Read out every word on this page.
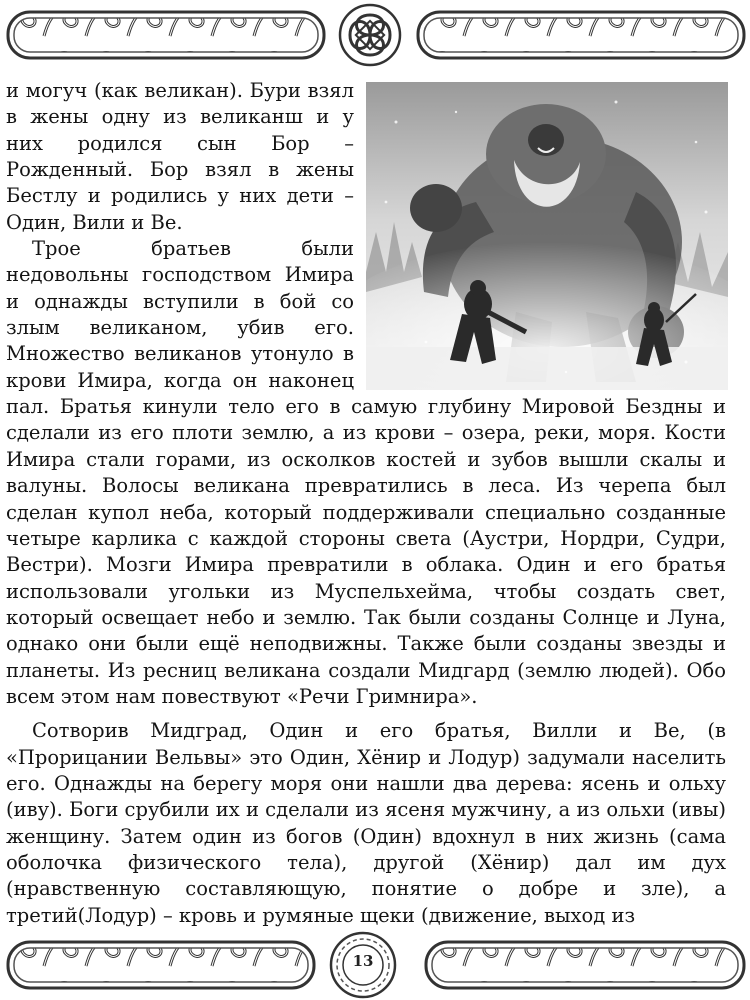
и могуч (как великан). Бури взял в жены одну из великанш и у них родился сын Бор – Рожденный. Бор взял в жены Бестлу и родились у них дети – Один, Вили и Ве.

Трое братьев были недовольны господством Имира и однажды вступили в бой со злым великаном, убив его. Множество великанов утонуло в крови Имира, когда он наконец пал. Братья кинули тело его в самую глубину Мировой Бездны и сделали из его плоти землю, а из крови – озера, реки, моря. Кости Имира стали горами, из осколков костей и зубов вышли скалы и валуны. Волосы великана превратились в леса. Из черепа был сделан купол неба, который поддерживали специально созданные четыре карлика с каждой стороны света (Аустри, Нордри, Судри, Вестри). Мозги Имира превратили в облака. Один и его братья использовали угольки из Муспельхейма, чтобы создать свет, который освещает небо и землю. Так были созданы Солнце и Луна, однако они были ещё неподвижны. Также были созданы звезды и планеты. Из ресниц великана создали Мидгард (землю людей). Обо всем этом нам повествуют «Речи Гримнира».

Сотворив Мидград, Один и его братья, Вилли и Ве, (в «Прорицании Вельвы» это Один, Хёнир и Лодур) задумали населить его. Однажды на берегу моря они нашли два дерева: ясень и ольху (иву). Боги срубили их и сделали из ясеня мужчину, а из ольхи (ивы) женщину. Затем один из богов (Один) вдохнул в них жизнь (сама оболочка физического тела), другой (Хёнир) дал им дух (нравственную составляющую, понятие о добре и зле), а третий(Лодур) – кровь и румяные щеки (движение, выход из

13
